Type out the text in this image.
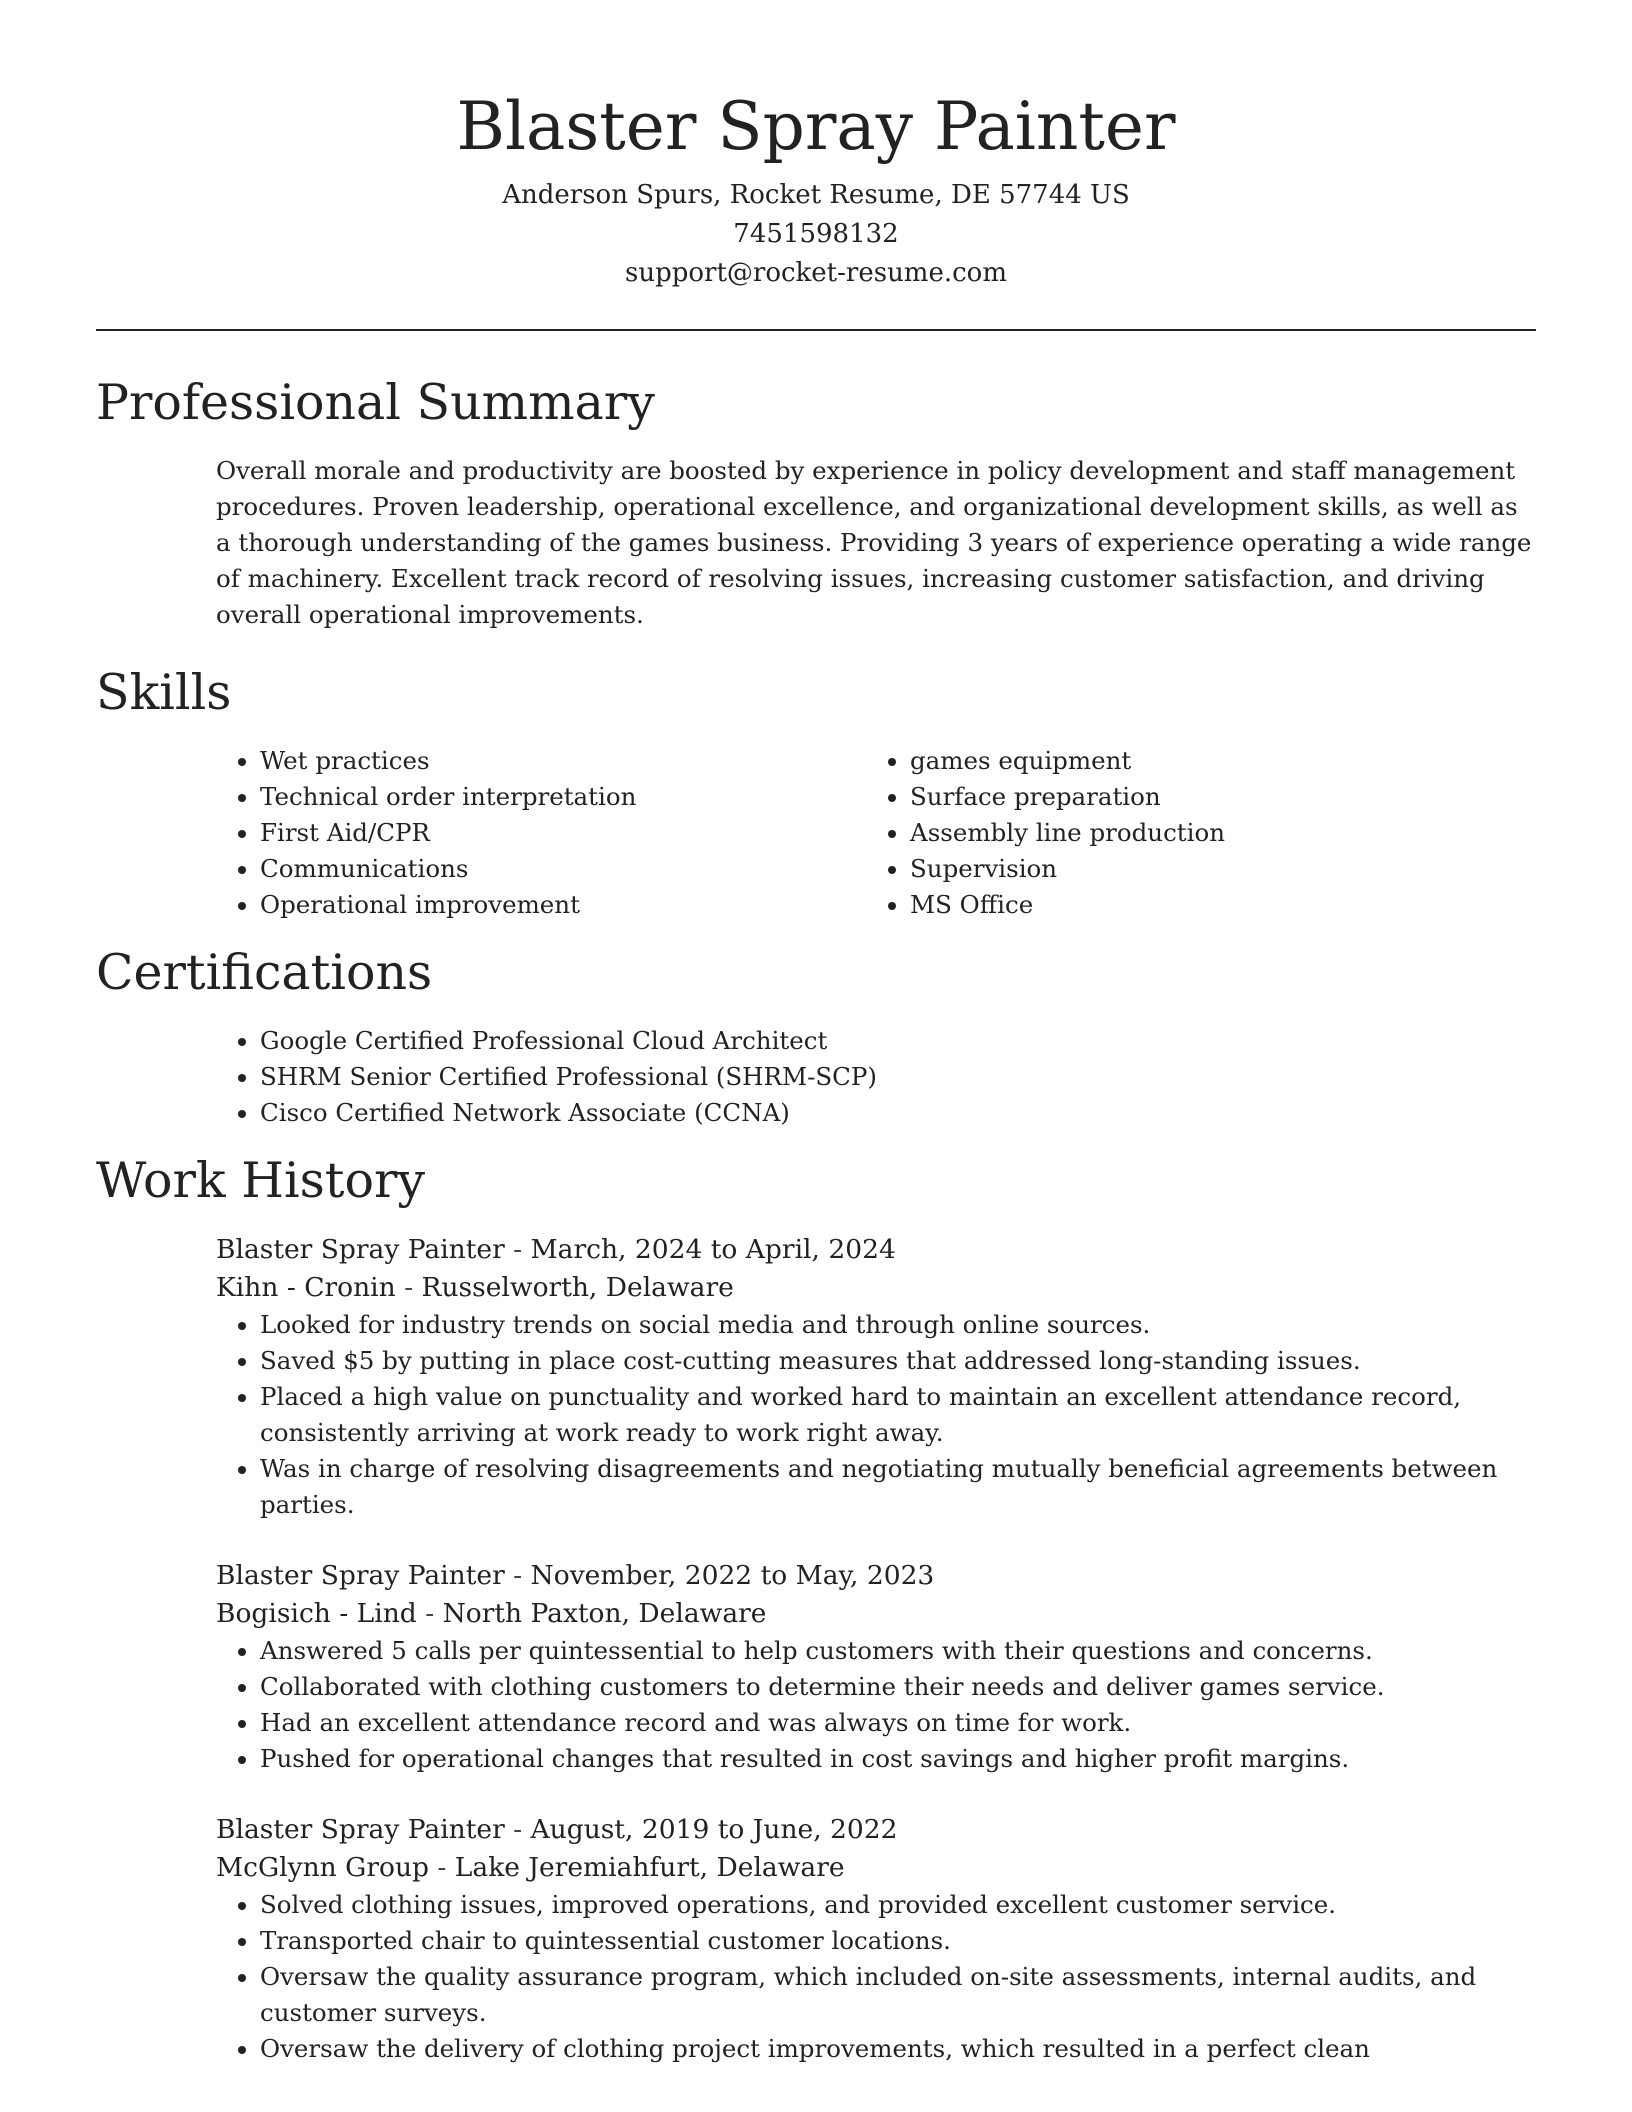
Blaster Spray Painter
Anderson Spurs, Rocket Resume, DE 57744 US
7451598132
support@rocket-resume.com
Professional Summary
Overall morale and productivity are boosted by experience in policy development and staff management procedures. Proven leadership, operational excellence, and organizational development skills, as well as a thorough understanding of the games business. Providing 3 years of experience operating a wide range of machinery. Excellent track record of resolving issues, increasing customer satisfaction, and driving overall operational improvements.
Skills
• Wet practices
• Technical order interpretation
• First Aid/CPR
• Communications
• Operational improvement
• games equipment
• Surface preparation
• Assembly line production
• Supervision
• MS Office
Certifications
• Google Certified Professional Cloud Architect
• SHRM Senior Certified Professional (SHRM-SCP)
• Cisco Certified Network Associate (CCNA)
Work History
Blaster Spray Painter - March, 2024 to April, 2024
Kihn - Cronin - Russelworth, Delaware
• Looked for industry trends on social media and through online sources.
• Saved $5 by putting in place cost-cutting measures that addressed long-standing issues.
• Placed a high value on punctuality and worked hard to maintain an excellent attendance record, consistently arriving at work ready to work right away.
• Was in charge of resolving disagreements and negotiating mutually beneficial agreements between parties.
Blaster Spray Painter - November, 2022 to May, 2023
Bogisich - Lind - North Paxton, Delaware
• Answered 5 calls per quintessential to help customers with their questions and concerns.
• Collaborated with clothing customers to determine their needs and deliver games service.
• Had an excellent attendance record and was always on time for work.
• Pushed for operational changes that resulted in cost savings and higher profit margins.
Blaster Spray Painter - August, 2019 to June, 2022
McGlynn Group - Lake Jeremiahfurt, Delaware
• Solved clothing issues, improved operations, and provided excellent customer service.
• Transported chair to quintessential customer locations.
• Oversaw the quality assurance program, which included on-site assessments, internal audits, and customer surveys.
• Oversaw the delivery of clothing project improvements, which resulted in a perfect clean
